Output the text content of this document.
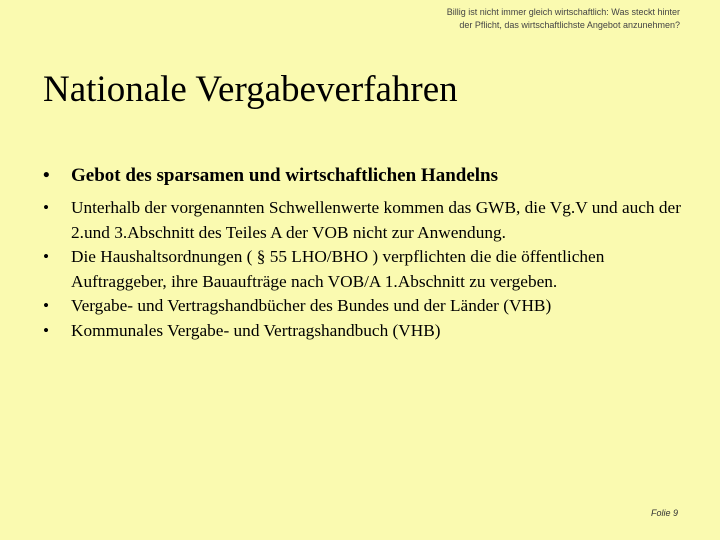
Billig ist nicht immer gleich wirtschaftlich: Was steckt hinter der Pflicht, das wirtschaftlichste Angebot anzunehmen?
Nationale Vergabeverfahren
•	Gebot des sparsamen und wirtschaftlichen Handelns
•	Unterhalb der vorgenannten Schwellenwerte kommen das GWB, die Vg.V und auch der 2.und 3.Abschnitt des Teiles A der VOB nicht zur Anwendung.
•	Die Haushaltsordnungen ( § 55 LHO/BHO ) verpflichten die die öffentlichen Auftraggeber, ihre Bauaufträge nach VOB/A 1.Abschnitt zu vergeben.
•	Vergabe- und Vertragshandbücher des Bundes und der Länder (VHB)
•	Kommunales Vergabe- und Vertragshandbuch (VHB)
Folie 9
